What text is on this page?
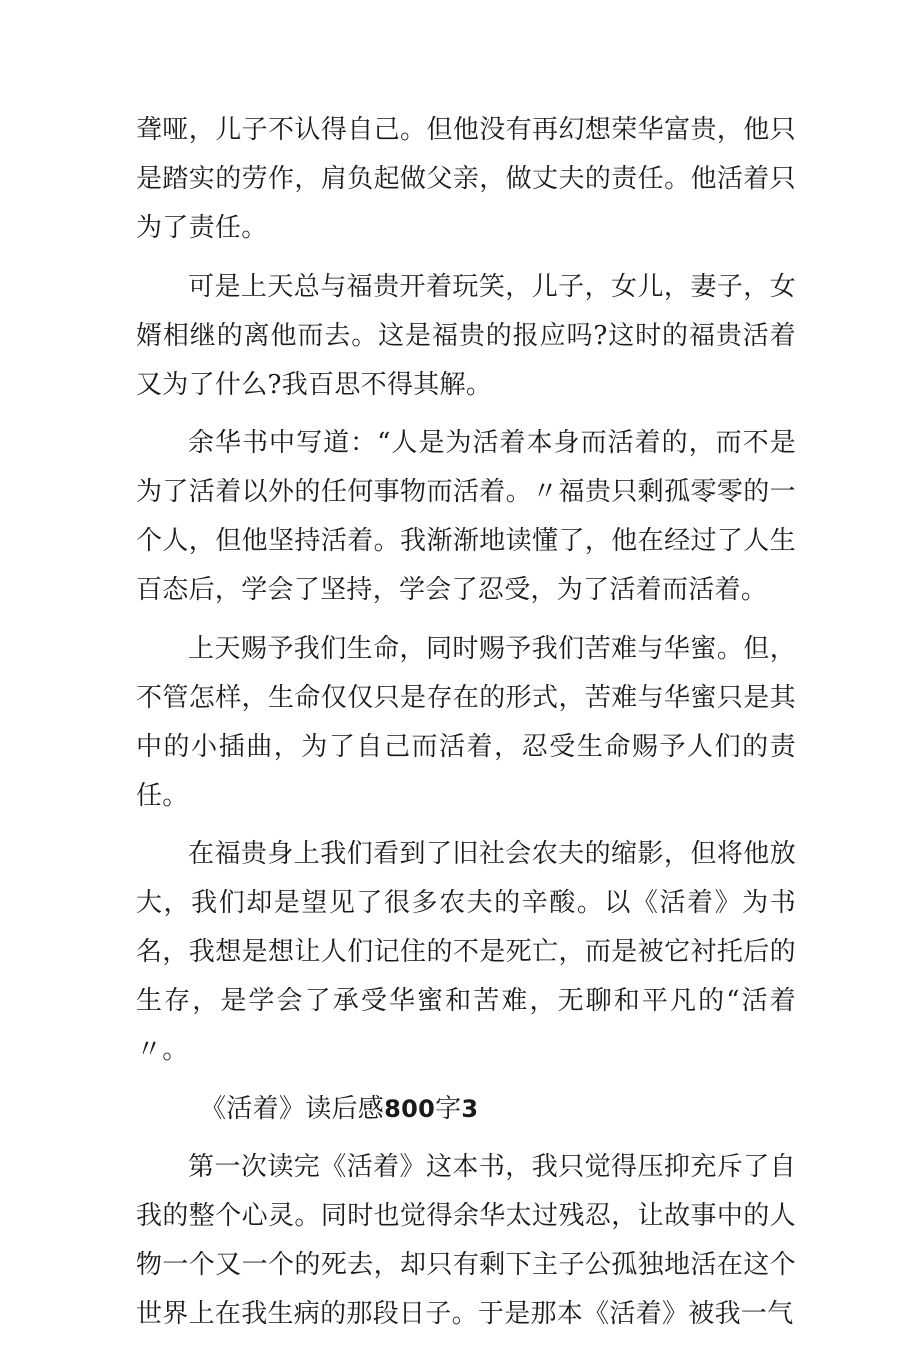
聋哑，儿子不认得自己。但他没有再幻想荣华富贵，他只是踏实的劳作，肩负起做父亲，做丈夫的责任。他活着只为了责任。

可是上天总与福贵开着玩笑，儿子，女儿，妻子，女婿相继的离他而去。这是福贵的报应吗?这时的福贵活着又为了什么?我百思不得其解。

余华书中写道：“人是为活着本身而活着的，而不是为了活着以外的任何事物而活着。〃福贵只剩孤零零的一个人，但他坚持活着。我渐渐地读懂了，他在经过了人生百态后，学会了坚持，学会了忍受，为了活着而活着。

上天赐予我们生命，同时赐予我们苦难与华蜜。但，不管怎样，生命仅仅只是存在的形式，苦难与华蜜只是其中的小插曲，为了自己而活着，忍受生命赐予人们的责任。

在福贵身上我们看到了旧社会农夫的缩影，但将他放大，我们却是望见了很多农夫的辛酸。以《活着》为书名，我想是想让人们记住的不是死亡，而是被它衬托后的生存，是学会了承受华蜜和苦难，无聊和平凡的“活着〃。

《活着》读后感800字3

第一次读完《活着》这本书，我只觉得压抑充斥了自我的整个心灵。同时也觉得余华太过残忍，让故事中的人物一个又一个的死去，却只有剩下主子公孤独地活在这个世界上在我生病的那段日子。于是那本《活着》被我一气
